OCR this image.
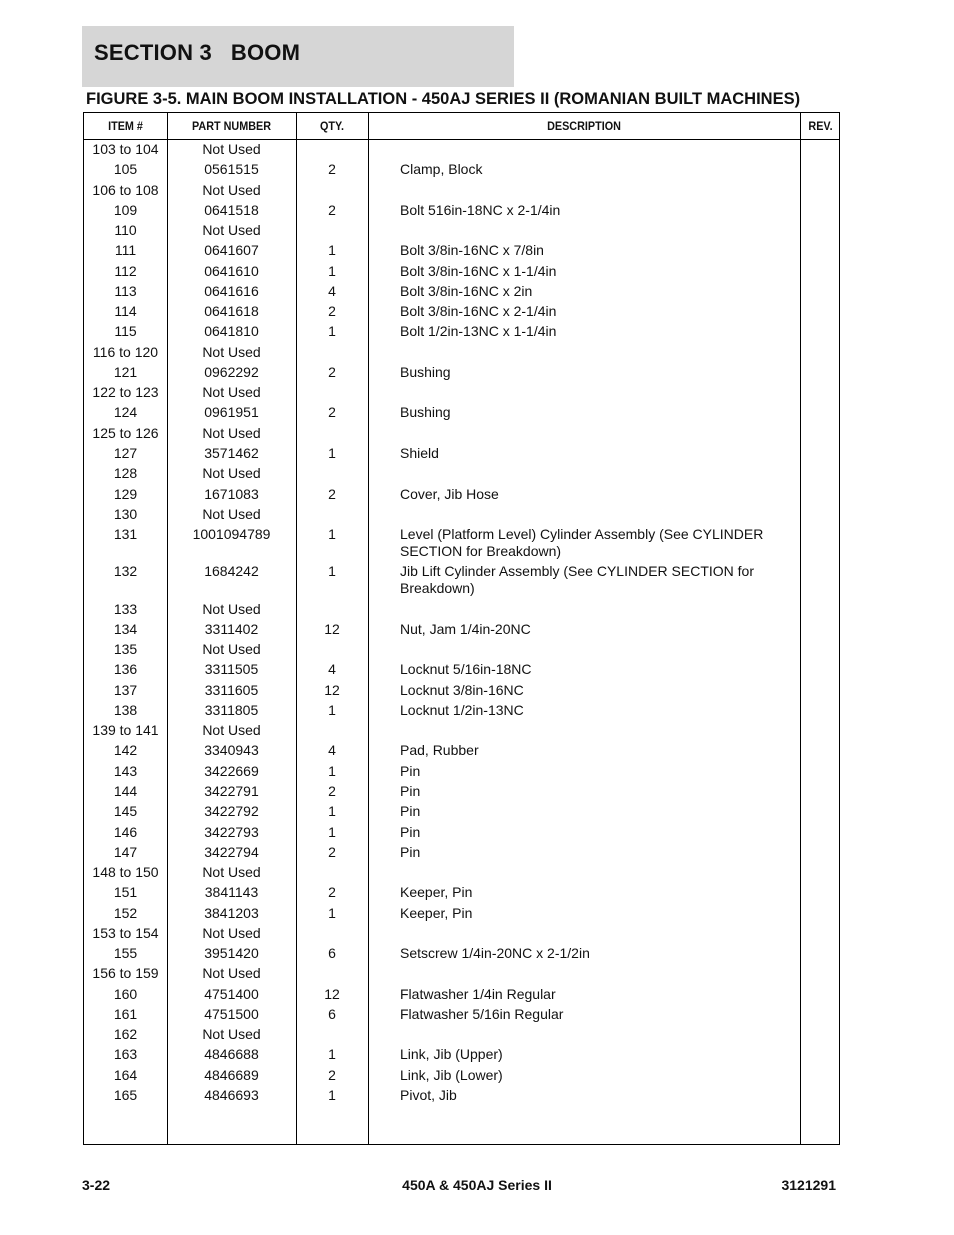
SECTION 3   BOOM
FIGURE 3-5. MAIN BOOM INSTALLATION - 450AJ SERIES II (ROMANIAN BUILT MACHINES)
ITEM #	PART NUMBER	QTY.	DESCRIPTION	REV.
103 to 104	Not Used
105	0561515	2	Clamp, Block
106 to 108	Not Used
109	0641518	2	Bolt 516in-18NC x 2-1/4in
110	Not Used
111	0641607	1	Bolt 3/8in-16NC x 7/8in
112	0641610	1	Bolt 3/8in-16NC x 1-1/4in
113	0641616	4	Bolt 3/8in-16NC x 2in
114	0641618	2	Bolt 3/8in-16NC x 2-1/4in
115	0641810	1	Bolt 1/2in-13NC x 1-1/4in
116 to 120	Not Used
121	0962292	2	Bushing
122 to 123	Not Used
124	0961951	2	Bushing
125 to 126	Not Used
127	3571462	1	Shield
128	Not Used
129	1671083	2	Cover, Jib Hose
130	Not Used
131	1001094789	1	Level (Platform Level) Cylinder Assembly (See CYLINDER SECTION for Breakdown)
132	1684242	1	Jib Lift Cylinder Assembly (See CYLINDER SECTION for Breakdown)
133	Not Used
134	3311402	12	Nut, Jam 1/4in-20NC
135	Not Used
136	3311505	4	Locknut 5/16in-18NC
137	3311605	12	Locknut 3/8in-16NC
138	3311805	1	Locknut 1/2in-13NC
139 to 141	Not Used
142	3340943	4	Pad, Rubber
143	3422669	1	Pin
144	3422791	2	Pin
145	3422792	1	Pin
146	3422793	1	Pin
147	3422794	2	Pin
148 to 150	Not Used
151	3841143	2	Keeper, Pin
152	3841203	1	Keeper, Pin
153 to 154	Not Used
155	3951420	6	Setscrew 1/4in-20NC x 2-1/2in
156 to 159	Not Used
160	4751400	12	Flatwasher 1/4in Regular
161	4751500	6	Flatwasher 5/16in Regular
162	Not Used
163	4846688	1	Link, Jib (Upper)
164	4846689	2	Link, Jib (Lower)
165	4846693	1	Pivot, Jib
3-22	450A & 450AJ Series II	3121291
